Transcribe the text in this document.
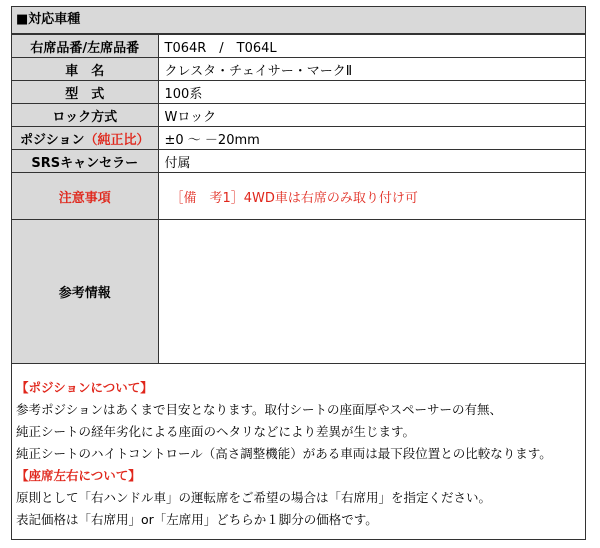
■対応車種
右席品番/左席品番	T064R　/　T064L
車　名	クレスタ・チェイサー・マークⅡ
型　式	100系
ロック方式	Wロック
ポジション（純正比）	±0 〜 －20mm
SRSキャンセラー	付属
注意事項	［備　考1］4WD車は右席のみ取り付け可
参考情報	
【ポジションについて】
参考ポジションはあくまで目安となります。取付シートの座面厚やスペーサーの有無、
純正シートの経年劣化による座面のヘタリなどにより差異が生じます。
純正シートのハイトコントロール（高さ調整機能）がある車両は最下段位置との比較なります。
【座席左右について】
原則として「右ハンドル車」の運転席をご希望の場合は「右席用」を指定ください。
表記価格は「右席用」or「左席用」どちらか１脚分の価格です。
